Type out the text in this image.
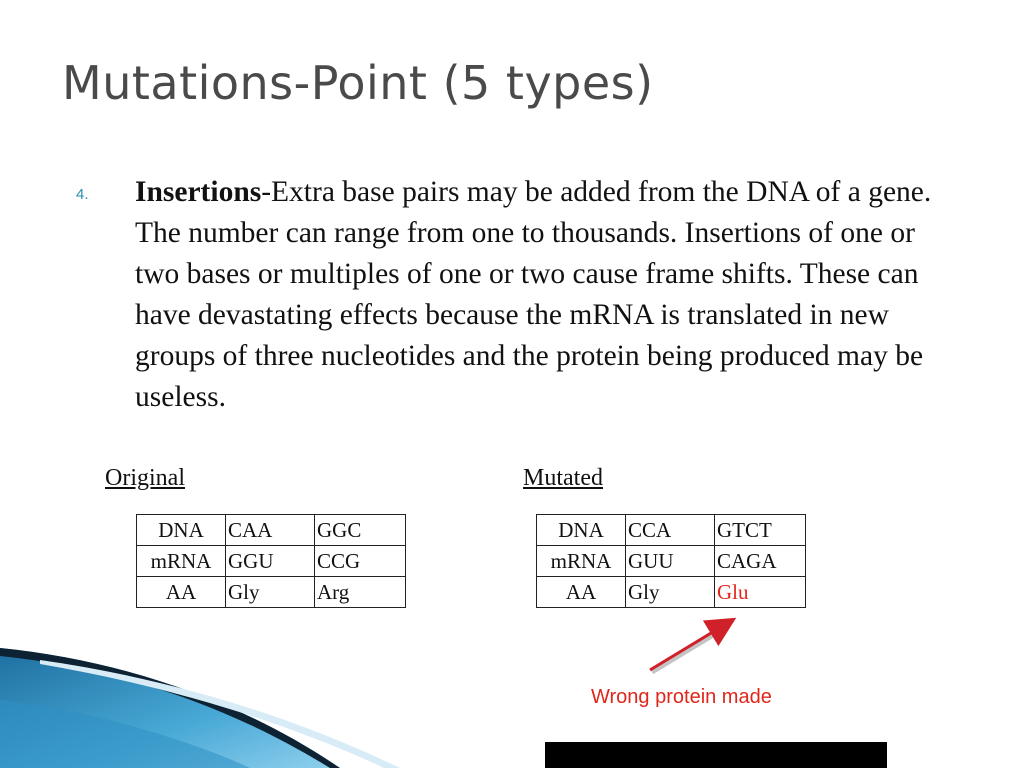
Mutations-Point (5 types)
4. Insertions-Extra base pairs may be added from the DNA of a gene. The number can range from one to thousands. Insertions of one or two bases or multiples of one or two cause frame shifts. These can have devastating effects because the mRNA is translated in new groups of three nucleotides and the protein being produced may be useless.
Original	Mutated
DNA	CAA	GGC
mRNA	GGU	CCG
AA	Gly	Arg
DNA	CCA	GTCT
mRNA	GUU	CAGA
AA	Gly	Glu
Wrong protein made
